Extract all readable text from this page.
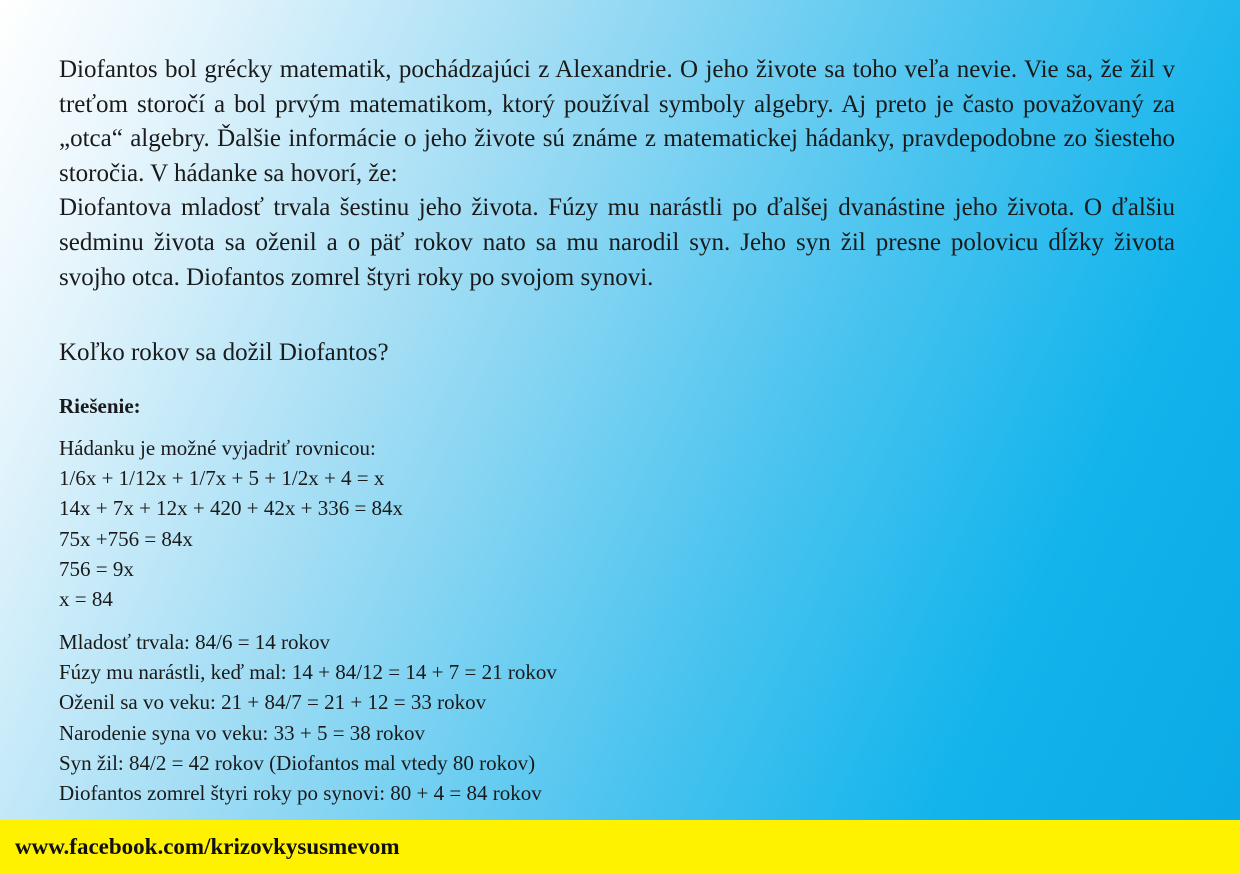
Diofantos bol grécky matematik, pochádzajúci z Alexandrie. O jeho živote sa toho veľa nevie. Vie sa, že žil v treťom storočí a bol prvým matematikom, ktorý používal symboly algebry. Aj preto je často považovaný za „otca“ algebry. Ďalšie informácie o jeho živote sú známe z matematickej hádanky, pravdepodobne zo šiesteho storočia. V hádanke sa hovorí, že:

Diofantova mladosť trvala šestinu jeho života. Fúzy mu narástli po ďalšej dvanástine jeho života. O ďalšiu sedminu života sa oženil a o päť rokov nato sa mu narodil syn. Jeho syn žil presne polovicu dĺžky života svojho otca. Diofantos zomrel štyri roky po svojom synovi.

Koľko rokov sa dožil Diofantos?

Riešenie:

Hádanku je možné vyjadriť rovnicou:
1/6x + 1/12x + 1/7x + 5 + 1/2x + 4 = x
14x + 7x + 12x + 420 + 42x + 336 = 84x
75x +756 = 84x
756 = 9x
x = 84
Mladosť trvala: 84/6 = 14 rokov
Fúzy mu narástli, keď mal: 14 + 84/12 = 14 + 7 = 21 rokov
Oženil sa vo veku: 21 + 84/7 = 21 + 12 = 33 rokov
Narodenie syna vo veku: 33 + 5 = 38 rokov
Syn žil: 84/2 = 42 rokov (Diofantos mal vtedy 80 rokov)
Diofantos zomrel štyri roky po synovi: 80 + 4 = 84 rokov
www.facebook.com/krizovkysusmevom
